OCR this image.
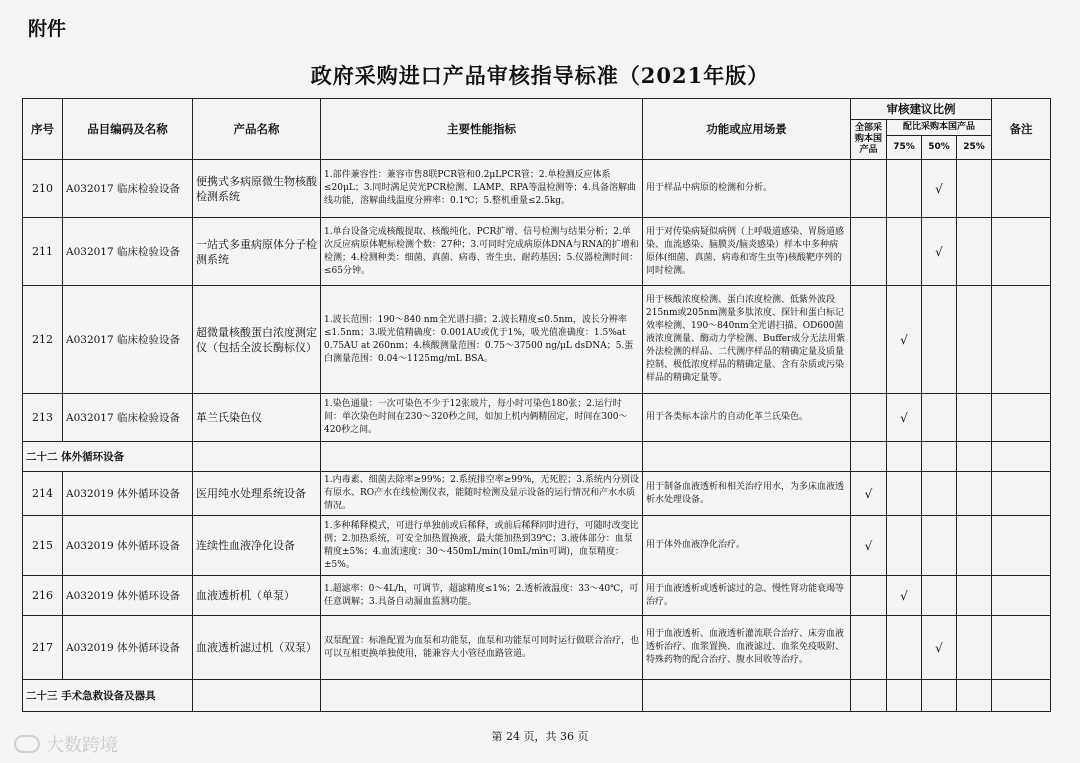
附件
政府采购进口产品审核指导标准（2021年版）
序号	品目编码及名称	产品名称	主要性能指标	功能或应用场景	审核建议比例				备注
					全部采购本国产品	配比采购本国产品			
						75%	50%	25%	
210	A032017 临床检验设备	便携式多病原微生物核酸检测系统	1.部件兼容性：兼容市售8联PCR管和0.2μLPCR管；2.单检测反应体系≤20μL；3.同时满足荧光PCR检测、LAMP、RPA等温检测等；4.具备溶解曲线功能，溶解曲线温度分辨率：0.1℃；5.整机重量≤2.5kg。	用于样品中病原的检测和分析。			√		
211	A032017 临床检验设备	一站式多重病原体分子检测系统	1.单台设备完成核酸提取、核酸纯化、PCR扩增、信号检测与结果分析；2.单次反应病原体靶标检测个数：27种；3.可同时完成病原体DNA与RNA的扩增和检测；4.检测种类：细菌、真菌、病毒、寄生虫、耐药基因；5.仪器检测时间：≤65分钟。	用于对传染病疑似病例（上呼吸道感染、胃肠道感染、血流感染、脑膜炎/脑炎感染）样本中多种病原体(细菌、真菌、病毒和寄生虫等)核酸靶序列的同时检测。			√		
212	A032017 临床检验设备	超微量核酸蛋白浓度测定仪（包括全波长酶标仪）	1.波长范围：190～840 nm全光谱扫描；2.波长精度≤0.5nm，波长分辨率≤1.5nm；3.吸光值精确度：0.001AU或优于1%，吸光值准确度：1.5%at 0.75AU at 260nm；4.核酸测量范围：0.75～37500 ng/μL dsDNA；5.蛋白测量范围：0.04～1125mg/mL BSA。	用于核酸浓度检测、蛋白浓度检测、低紫外波段215nm或205nm测量多肽浓度、探针和蛋白标记效率检测、190～840nm全光谱扫描、OD600菌液浓度测量、酶动力学检测、Buffer成分无法用紫外法检测的样品、二代测序样品的精确定量及质量控制、极低浓度样品的精确定量、含有杂质或污染样品的精确定量等。		√			
213	A032017 临床检验设备	革兰氏染色仪	1.染色通量：一次可染色不少于12张玻片，每小时可染色180张；2.运行时间：单次染色时间在230～320秒之间，如加上机内俩精固定，时间在300～420秒之间。	用于各类标本涂片的自动化革兰氏染色。		√			
二十二 体外循环设备									
214	A032019 体外循环设备	医用纯水处理系统设备	1.内毒素、细菌去除率≥99%；2.系统排空率≥99%，无死腔；3.系统内分别设有原水、RO产水在线检测仪表，能随时检测及显示设备的运行情况和产水水质情况。	用于制备血液透析和相关治疗用水，为多床血液透析水处理设备。	√				
215	A032019 体外循环设备	连续性血液净化设备	1.多种稀释模式，可进行单独前或后稀释，或前后稀释同时进行，可随时改变比例；2.加热系统，可安全加热置换液，最大能加热到39℃；3.液体部分：血泵精度±5%；4.血流速度：30～450mL/min(10mL/min可调)，血泵精度：±5%。	用于体外血液净化治疗。	√				
216	A032019 体外循环设备	血液透析机（单泵）	1.超滤率：0～4L/h，可调节，超滤精度≤1%；2.透析液温度：33～40℃，可任意调解；3.具备自动漏血监测功能。	用于血液透析或透析滤过的急、慢性肾功能衰竭等治疗。		√			
217	A032019 体外循环设备	血液透析滤过机（双泵）	双泵配置：标准配置为血泵和功能泵，血泵和功能泵可同时运行做联合治疗，也可以互相更换单独使用，能兼容大小管径血路管道。	用于血液透析、血液透析灌流联合治疗、床旁血液透析治疗、血浆置换、血液滤过、血浆免疫吸附、特殊药物的配合治疗、腹水回收等治疗。			√		
二十三 手术急救设备及器具									
第 24 页，共 36 页
大数跨境
